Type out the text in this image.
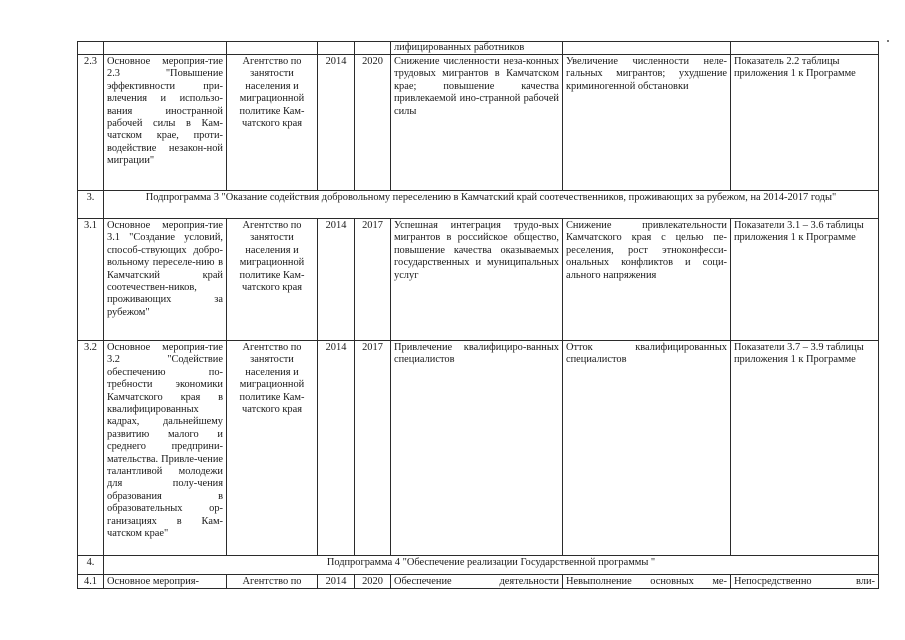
					лифицированных работников		
2.3	Основное мероприя-тие 2.3 "Повышение эффективности при-влечения и использо-вания иностранной рабочей силы в Кам-чатском крае, проти-водействие незакон-ной миграции"	Агентство по занятости населения и миграционной политике Кам-чатского края	2014	2020	Снижение численности неза-конных трудовых мигрантов в Камчатском крае; повышение качества привлекаемой ино-странной рабочей силы	Увеличение численности неле-гальных мигрантов; ухудшение криминогенной обстановки	Показатель 2.2 таблицы приложения 1 к Программе
3.	Подпрограмма 3 "Оказание содействия добровольному переселению в Камчатский край соотечественников, проживающих за рубежом, на 2014-2017 годы"						
3.1	Основное мероприя-тие 3.1 "Создание условий, способ-ствующих добро-вольному переселе-нию в Камчатский край соотечествен-ников, проживающих за рубежом"	Агентство по занятости населения и миграционной политике Кам-чатского края	2014	2017	Успешная интеграция трудо-вых мигрантов в российское общество, повышение качества оказываемых государственных и муниципальных услуг	Снижение привлекательности Камчатского края с целью пе-реселения, рост этноконфесси-ональных конфликтов и соци-ального напряжения	Показатели 3.1 – 3.6 таблицы приложения 1 к Программе
3.2	Основное мероприя-тие 3.2 "Содействие обеспечению по-требности экономики Камчатского края в квалифицированных кадрах, дальнейшему развитию малого и среднего предприни-мательства. Привле-чение талантливой молодежи для полу-чения образования в образовательных ор-ганизациях в Кам-чатском крае"	Агентство по занятости населения и миграционной политике Кам-чатского края	2014	2017	Привлечение квалифициро-ванных специалистов	Отток квалифицированных специалистов	Показатели 3.7 – 3.9 таблицы приложения 1 к Программе
4.	Подпрограмма 4 "Обеспечение реализации Государственной программы "						
4.1	Основное мероприя-	Агентство по	2014	2020	Обеспечение деятельности	Невыполнение основных ме-	Непосредственно вли-
